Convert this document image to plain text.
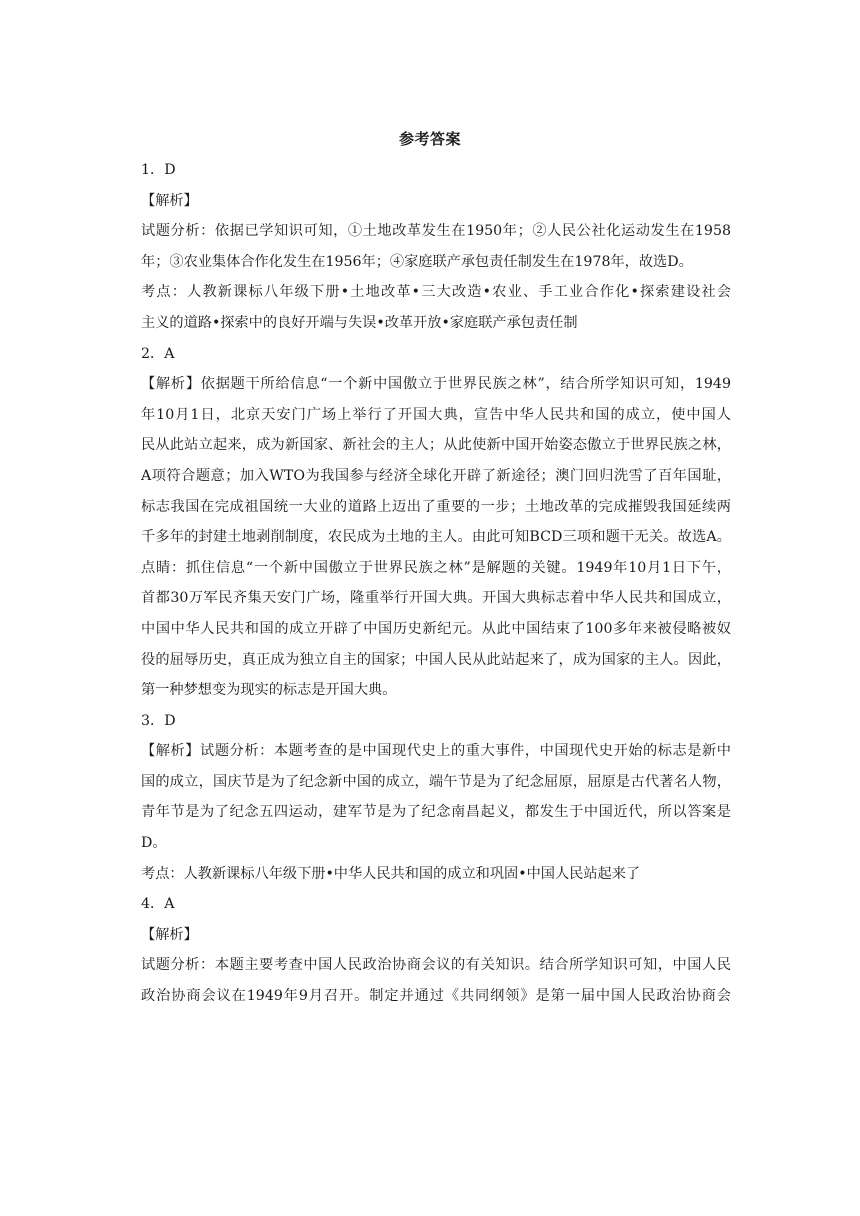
参考答案
1．D
【解析】
试题分析：依据已学知识可知，①土地改革发生在1950年；②人民公社化运动发生在1958
年；③农业集体合作化发生在1956年；④家庭联产承包责任制发生在1978年，故选D。
考点：人教新课标八年级下册•土地改革•三大改造•农业、手工业合作化•探索建设社会
主义的道路•探索中的良好开端与失误•改革开放•家庭联产承包责任制
2．A
【解析】依据题干所给信息“一个新中国傲立于世界民族之林”，结合所学知识可知，1949
年10月1日，北京天安门广场上举行了开国大典，宣告中华人民共和国的成立，使中国人
民从此站立起来，成为新国家、新社会的主人；从此使新中国开始姿态傲立于世界民族之林，
A项符合题意；加入WTO为我国参与经济全球化开辟了新途径；澳门回归洗雪了百年国耻，
标志我国在完成祖国统一大业的道路上迈出了重要的一步；土地改革的完成摧毁我国延续两
千多年的封建土地剥削制度，农民成为土地的主人。由此可知BCD三项和题干无关。故选A。
点睛：抓住信息“一个新中国傲立于世界民族之林”是解题的关键。1949年10月1日下午，
首都30万军民齐集天安门广场，隆重举行开国大典。开国大典标志着中华人民共和国成立，
中国中华人民共和国的成立开辟了中国历史新纪元。从此中国结束了100多年来被侵略被奴
役的屈辱历史，真正成为独立自主的国家；中国人民从此站起来了，成为国家的主人。因此，
第一种梦想变为现实的标志是开国大典。
3．D
【解析】试题分析：本题考查的是中国现代史上的重大事件，中国现代史开始的标志是新中
国的成立，国庆节是为了纪念新中国的成立，端午节是为了纪念屈原，屈原是古代著名人物，
青年节是为了纪念五四运动，建军节是为了纪念南昌起义，都发生于中国近代，所以答案是
D。
考点：人教新课标八年级下册•中华人民共和国的成立和巩固•中国人民站起来了
4．A
【解析】
试题分析：本题主要考查中国人民政治协商会议的有关知识。结合所学知识可知，中国人民
政治协商会议在1949年9月召开。制定并通过《共同纲领》是第一届中国人民政治协商会
